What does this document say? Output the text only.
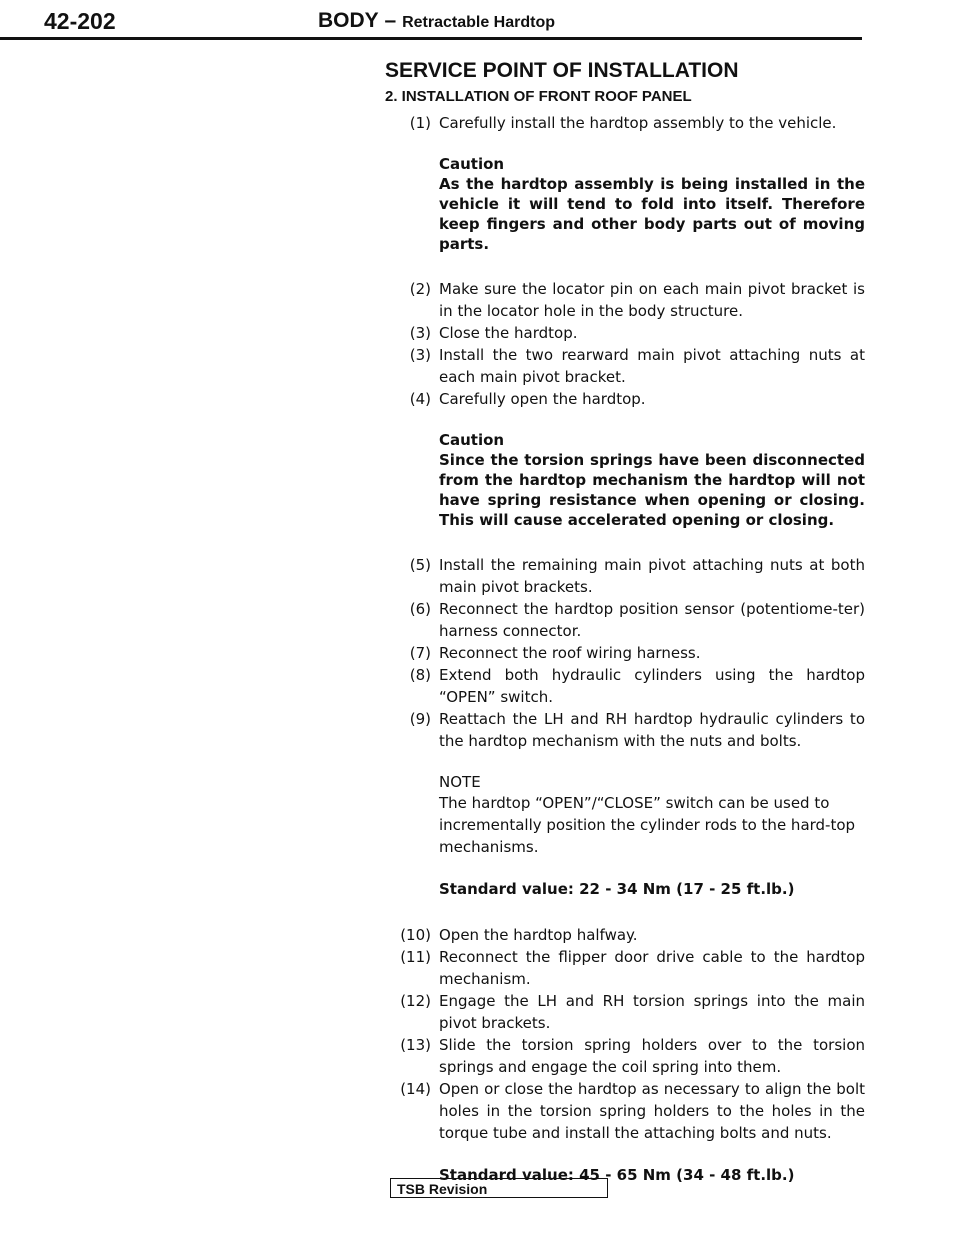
42-202	BODY – Retractable Hardtop
SERVICE POINT OF INSTALLATION
2. INSTALLATION OF FRONT ROOF PANEL
(1) Carefully install the hardtop assembly to the vehicle.
Caution
As the hardtop assembly is being installed in the vehicle it will tend to fold into itself. Therefore keep fingers and other body parts out of moving parts.
(2) Make sure the locator pin on each main pivot bracket is in the locator hole in the body structure.
(3) Close the hardtop.
(3) Install the two rearward main pivot attaching nuts at each main pivot bracket.
(4) Carefully open the hardtop.
Caution
Since the torsion springs have been disconnected from the hardtop mechanism the hardtop will not have spring resistance when opening or closing. This will cause accelerated opening or closing.
(5) Install the remaining main pivot attaching nuts at both main pivot brackets.
(6) Reconnect the hardtop position sensor (potentiome-ter) harness connector.
(7) Reconnect the roof wiring harness.
(8) Extend both hydraulic cylinders using the hardtop “OPEN” switch.
(9) Reattach the LH and RH hardtop hydraulic cylinders to the hardtop mechanism with the nuts and bolts.
NOTE
The hardtop “OPEN”/“CLOSE” switch can be used to incrementally position the cylinder rods to the hard-top mechanisms.
Standard value: 22 - 34 Nm (17 - 25 ft.lb.)
(10) Open the hardtop halfway.
(11) Reconnect the flipper door drive cable to the hardtop mechanism.
(12) Engage the LH and RH torsion springs into the main pivot brackets.
(13) Slide the torsion spring holders over to the torsion springs and engage the coil spring into them.
(14) Open or close the hardtop as necessary to align the bolt holes in the torsion spring holders to the holes in the torque tube and install the attaching bolts and nuts.
Standard value: 45 - 65 Nm (34 - 48 ft.lb.)
TSB Revision
